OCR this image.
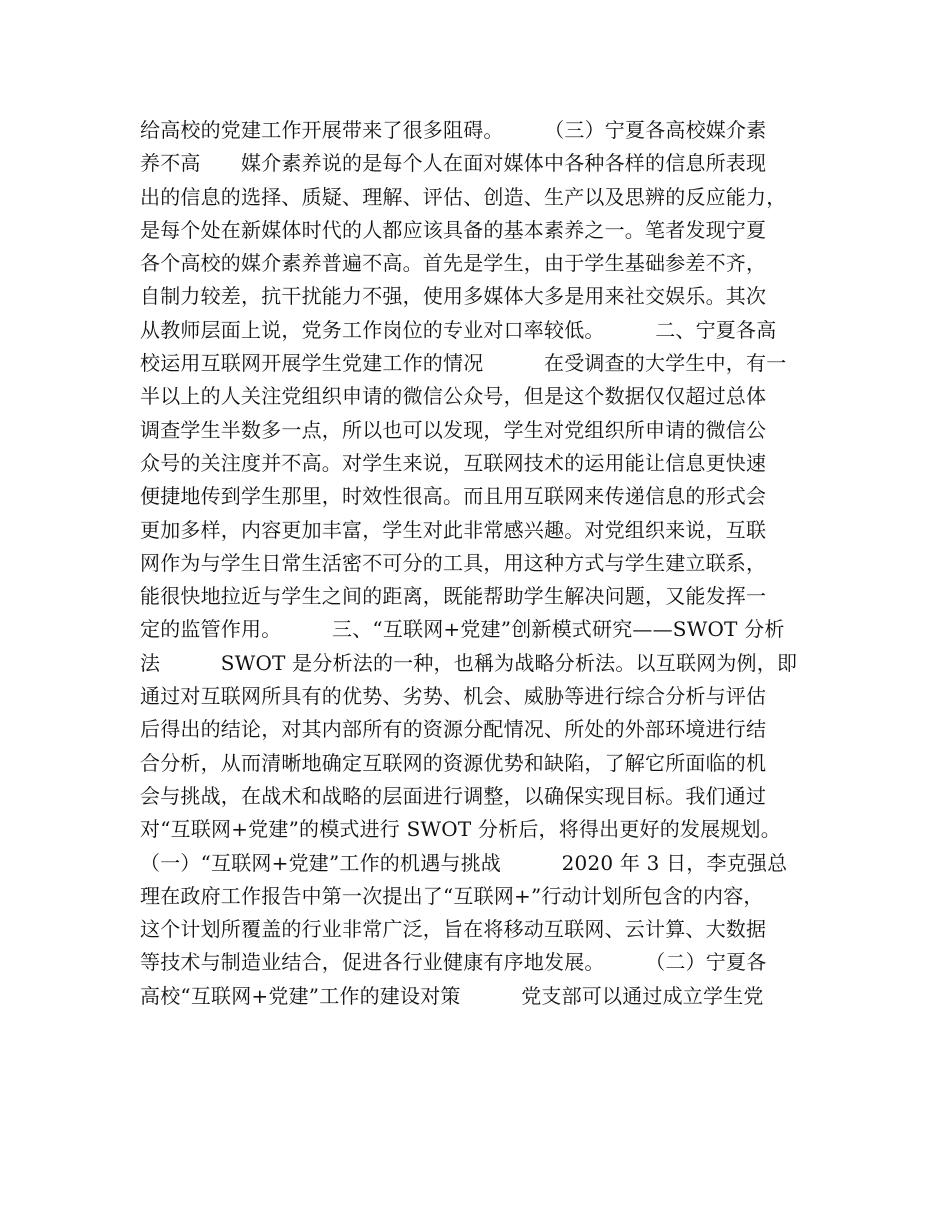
给高校的党建工作开展带来了很多阻碍。　　　（三）宁夏各高校媒介素
养不高　　媒介素养说的是每个人在面对媒体中各种各样的信息所表现
出的信息的选择、质疑、理解、评估、创造、生产以及思辨的反应能力，
是每个处在新媒体时代的人都应该具备的基本素养之一。笔者发现宁夏
各个高校的媒介素养普遍不高。首先是学生，由于学生基础参差不齐，
自制力较差，抗干扰能力不强，使用多媒体大多是用来社交娱乐。其次
从教师层面上说，党务工作岗位的专业对口率较低。　　　二、宁夏各高
校运用互联网开展学生党建工作的情况　　　在受调查的大学生中，有一
半以上的人关注党组织申请的微信公众号，但是这个数据仅仅超过总体
调查学生半数多一点，所以也可以发现，学生对党组织所申请的微信公
众号的关注度并不高。对学生来说，互联网技术的运用能让信息更快速
便捷地传到学生那里，时效性很高。而且用互联网来传递信息的形式会
更加多样，内容更加丰富，学生对此非常感兴趣。对党组织来说，互联
网作为与学生日常生活密不可分的工具，用这种方式与学生建立联系，
能很快地拉近与学生之间的距离，既能帮助学生解决问题，又能发挥一
定的监管作用。　　　三、“互联网+党建”创新模式研究——SWOT 分析
法　　　SWOT 是分析法的一种，也稱为战略分析法。以互联网为例，即
通过对互联网所具有的优势、劣势、机会、威胁等进行综合分析与评估
后得出的结论，对其内部所有的资源分配情况、所处的外部环境进行结
合分析，从而清晰地确定互联网的资源优势和缺陷，了解它所面临的机
会与挑战，在战术和战略的层面进行调整，以确保实现目标。我们通过
对“互联网+党建”的模式进行 SWOT 分析后，将得出更好的发展规划。
（一）“互联网+党建”工作的机遇与挑战　　　2020 年 3 日，李克强总
理在政府工作报告中第一次提出了“互联网+”行动计划所包含的内容，
这个计划所覆盖的行业非常广泛，旨在将移动互联网、云计算、大数据
等技术与制造业结合，促进各行业健康有序地发展。　　　（二）宁夏各
高校“互联网+党建”工作的建设对策　　　党支部可以通过成立学生党
